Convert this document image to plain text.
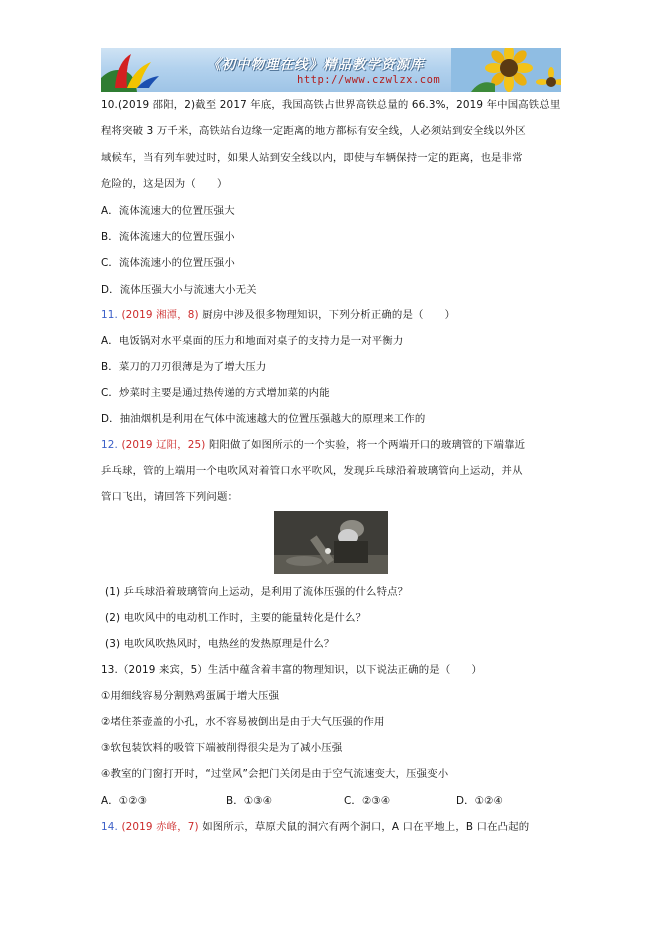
《初中物理在线》精品教学资源库
http://www.czwlzx.com
10.(2019 邵阳，2)截至 2017 年底，我国高铁占世界高铁总量的 66.3%，2019 年中国高铁总里
程将突破 3 万千米，高铁站台边缘一定距离的地方都标有安全线，人必须站到安全线以外区
域候车，当有列车驶过时，如果人站到安全线以内，即使与车辆保持一定的距离，也是非常
危险的，这是因为（　　）
A．流体流速大的位置压强大
B．流体流速大的位置压强小
C．流体流速小的位置压强小
D．流体压强大小与流速大小无关
11. (2019 湘潭，8) 厨房中涉及很多物理知识，下列分析正确的是（　　）
A．电饭锅对水平桌面的压力和地面对桌子的支持力是一对平衡力
B．菜刀的刀刃很薄是为了增大压力
C．炒菜时主要是通过热传递的方式增加菜的内能
D．抽油烟机是利用在气体中流速越大的位置压强越大的原理来工作的
12. (2019 辽阳，25) 阳阳做了如图所示的一个实验，将一个两端开口的玻璃管的下端靠近
乒乓球，管的上端用一个电吹风对着管口水平吹风，发现乒乓球沿着玻璃管向上运动，并从
管口飞出，请回答下列问题：
(1) 乒乓球沿着玻璃管向上运动，是利用了流体压强的什么特点？
(2) 电吹风中的电动机工作时，主要的能量转化是什么？
(3) 电吹风吹热风时，电热丝的发热原理是什么？
13.（2019 来宾，5）生活中蕴含着丰富的物理知识，以下说法正确的是（　　）
①用细线容易分割熟鸡蛋属于增大压强
②堵住茶壶盖的小孔，水不容易被倒出是由于大气压强的作用
③软包装饮料的吸管下端被削得很尖是为了减小压强
④教室的门窗打开时，“过堂风”会把门关闭是由于空气流速变大，压强变小
A．①②③	B．①③④	C．②③④	D．①②④
14. (2019 赤峰，7) 如图所示，草原犬鼠的洞穴有两个洞口，A 口在平地上，B 口在凸起的
